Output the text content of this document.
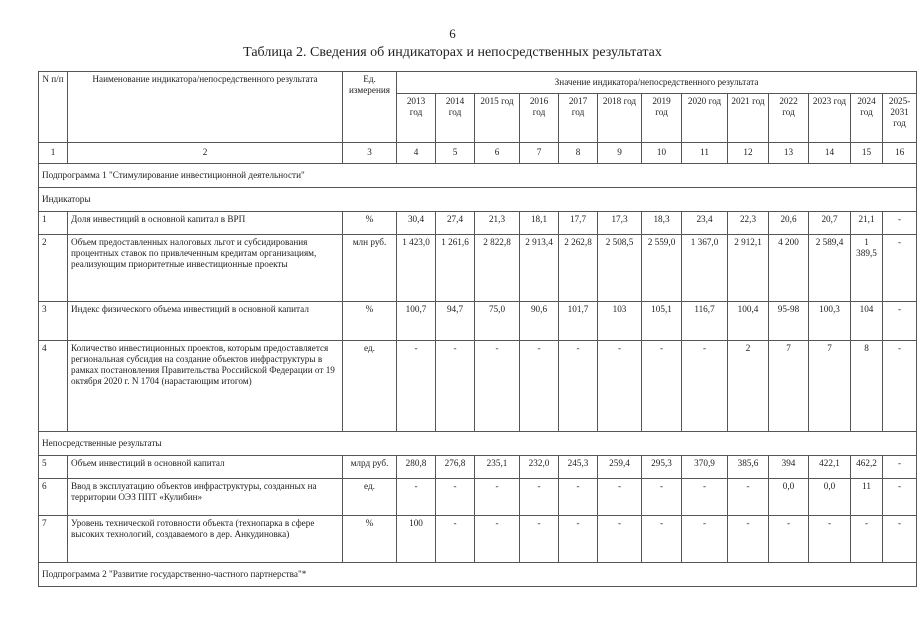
6
Таблица 2. Сведения об индикаторах и непосредственных результатах
N п/п	Наименование индикатора/непосредственного результата	Ед. измерения	Значение индикатора/непосредственного результата												
			2013 год	2014 год	2015 год	2016 год	2017 год	2018 год	2019 год	2020 год	2021 год	2022 год	2023 год	2024 год	2025-2031 год
1	2	3	4	5	6	7	8	9	10	11	12	13	14	15	16
Подпрограмма 1 "Стимулирование инвестиционной деятельности"															
Индикаторы															
1	Доля инвестиций в основной капитал в ВРП	%	30,4	27,4	21,3	18,1	17,7	17,3	18,3	23,4	22,3	20,6	20,7	21,1	-
2	Объем предоставленных налоговых льгот и субсидирования процентных ставок по привлеченным кредитам организациям, реализующим приоритетные инвестиционные проекты	млн руб.	1 423,0	1 261,6	2 822,8	2 913,4	2 262,8	2 508,5	2 559,0	1 367,0	2 912,1	4 200	2 589,4	1 389,5	-
3	Индекс физического объема инвестиций в основной капитал	%	100,7	94,7	75,0	90,6	101,7	103	105,1	116,7	100,4	95-98	100,3	104	-
4	Количество инвестиционных проектов, которым предоставляется региональная субсидия на создание объектов инфраструктуры в рамках постановления Правительства Российской Федерации от 19 октября 2020 г. N 1704 (нарастающим итогом)	ед.	-	-	-	-	-	-	-	-	2	7	7	8	-
Непосредственные результаты															
5	Объем инвестиций в основной капитал	млрд руб.	280,8	276,8	235,1	232,0	245,3	259,4	295,3	370,9	385,6	394	422,1	462,2	-
6	Ввод в эксплуатацию объектов инфраструктуры, созданных на территории ОЭЗ ППТ «Кулибин»	ед.	-	-	-	-	-	-	-	-	-	0,0	0,0	11	-
7	Уровень технической готовности объекта (технопарка в сфере высоких технологий, создаваемого в дер. Анкудиновка)	%	100	-	-	-	-	-	-	-	-	-	-	-	-
Подпрограмма 2 "Развитие государственно-частного партнерства"*															
